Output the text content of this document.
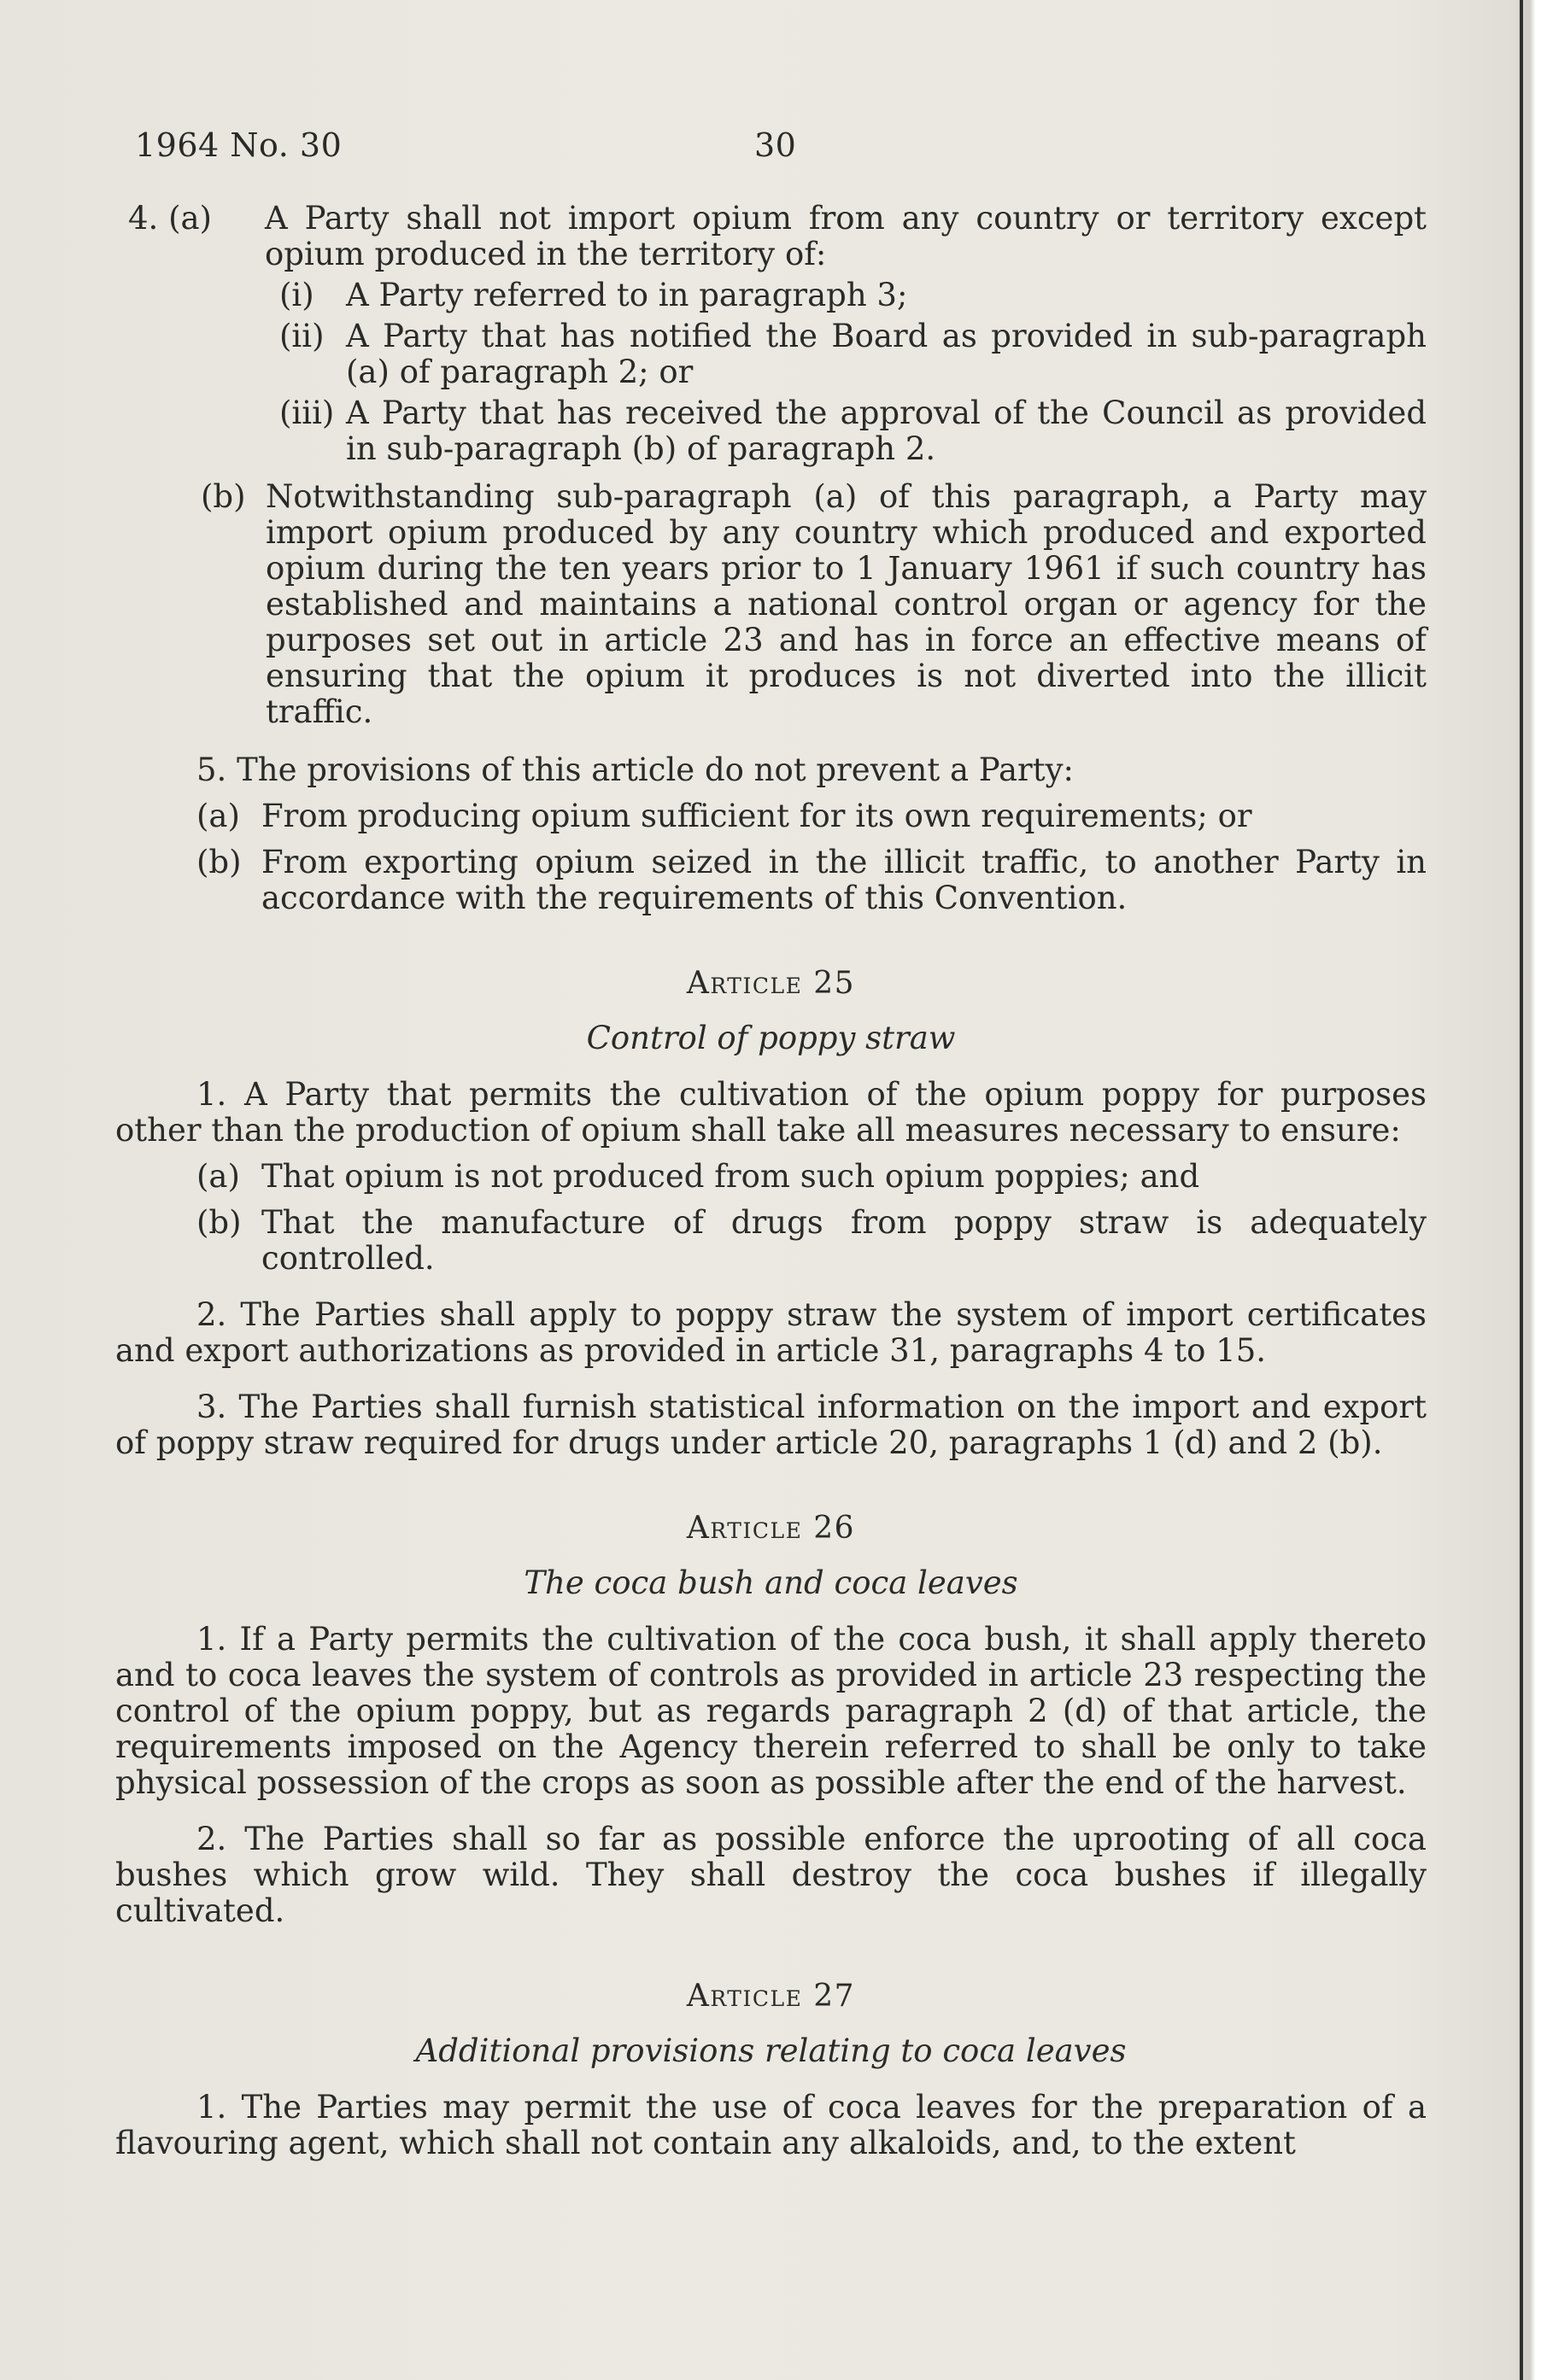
1964 No. 30	30
4. (a)	A Party shall not import opium from any country or territory except opium produced in the territory of:
(i)	A Party referred to in paragraph 3;
(ii) A Party that has notified the Board as provided in sub-paragraph (a) of paragraph 2; or
(iii) A Party that has received the approval of the Council as provided in sub-paragraph (b) of paragraph 2.
(b) Notwithstanding sub-paragraph (a) of this paragraph, a Party may import opium produced by any country which produced and exported opium during the ten years prior to 1 January 1961 if such country has established and maintains a national control organ or agency for the purposes set out in article 23 and has in force an effective means of ensuring that the opium it produces is not diverted into the illicit traffic.

5. The provisions of this article do not prevent a Party:

(a) From producing opium sufficient for its own requirements; or
(b) From exporting opium seized in the illicit traffic, to another Party in accordance with the requirements of this Convention.

Article 25

Control of poppy straw

1. A Party that permits the cultivation of the opium poppy for purposes other than the production of opium shall take all measures necessary to ensure:

(a) That opium is not produced from such opium poppies; and
(b) That the manufacture of drugs from poppy straw is adequately controlled.

2. The Parties shall apply to poppy straw the system of import certificates and export authorizations as provided in article 31, paragraphs 4 to 15.

3. The Parties shall furnish statistical information on the import and export of poppy straw required for drugs under article 20, paragraphs 1 (d) and 2 (b).

Article 26

The coca bush and coca leaves

1. If a Party permits the cultivation of the coca bush, it shall apply thereto and to coca leaves the system of controls as provided in article 23 respecting the control of the opium poppy, but as regards paragraph 2 (d) of that article, the requirements imposed on the Agency therein referred to shall be only to take physical possession of the crops as soon as possible after the end of the harvest.

2. The Parties shall so far as possible enforce the uprooting of all coca bushes which grow wild. They shall destroy the coca bushes if illegally cultivated.

Article 27

Additional provisions relating to coca leaves

1. The Parties may permit the use of coca leaves for the preparation of a flavouring agent, which shall not contain any alkaloids, and, to the extent
